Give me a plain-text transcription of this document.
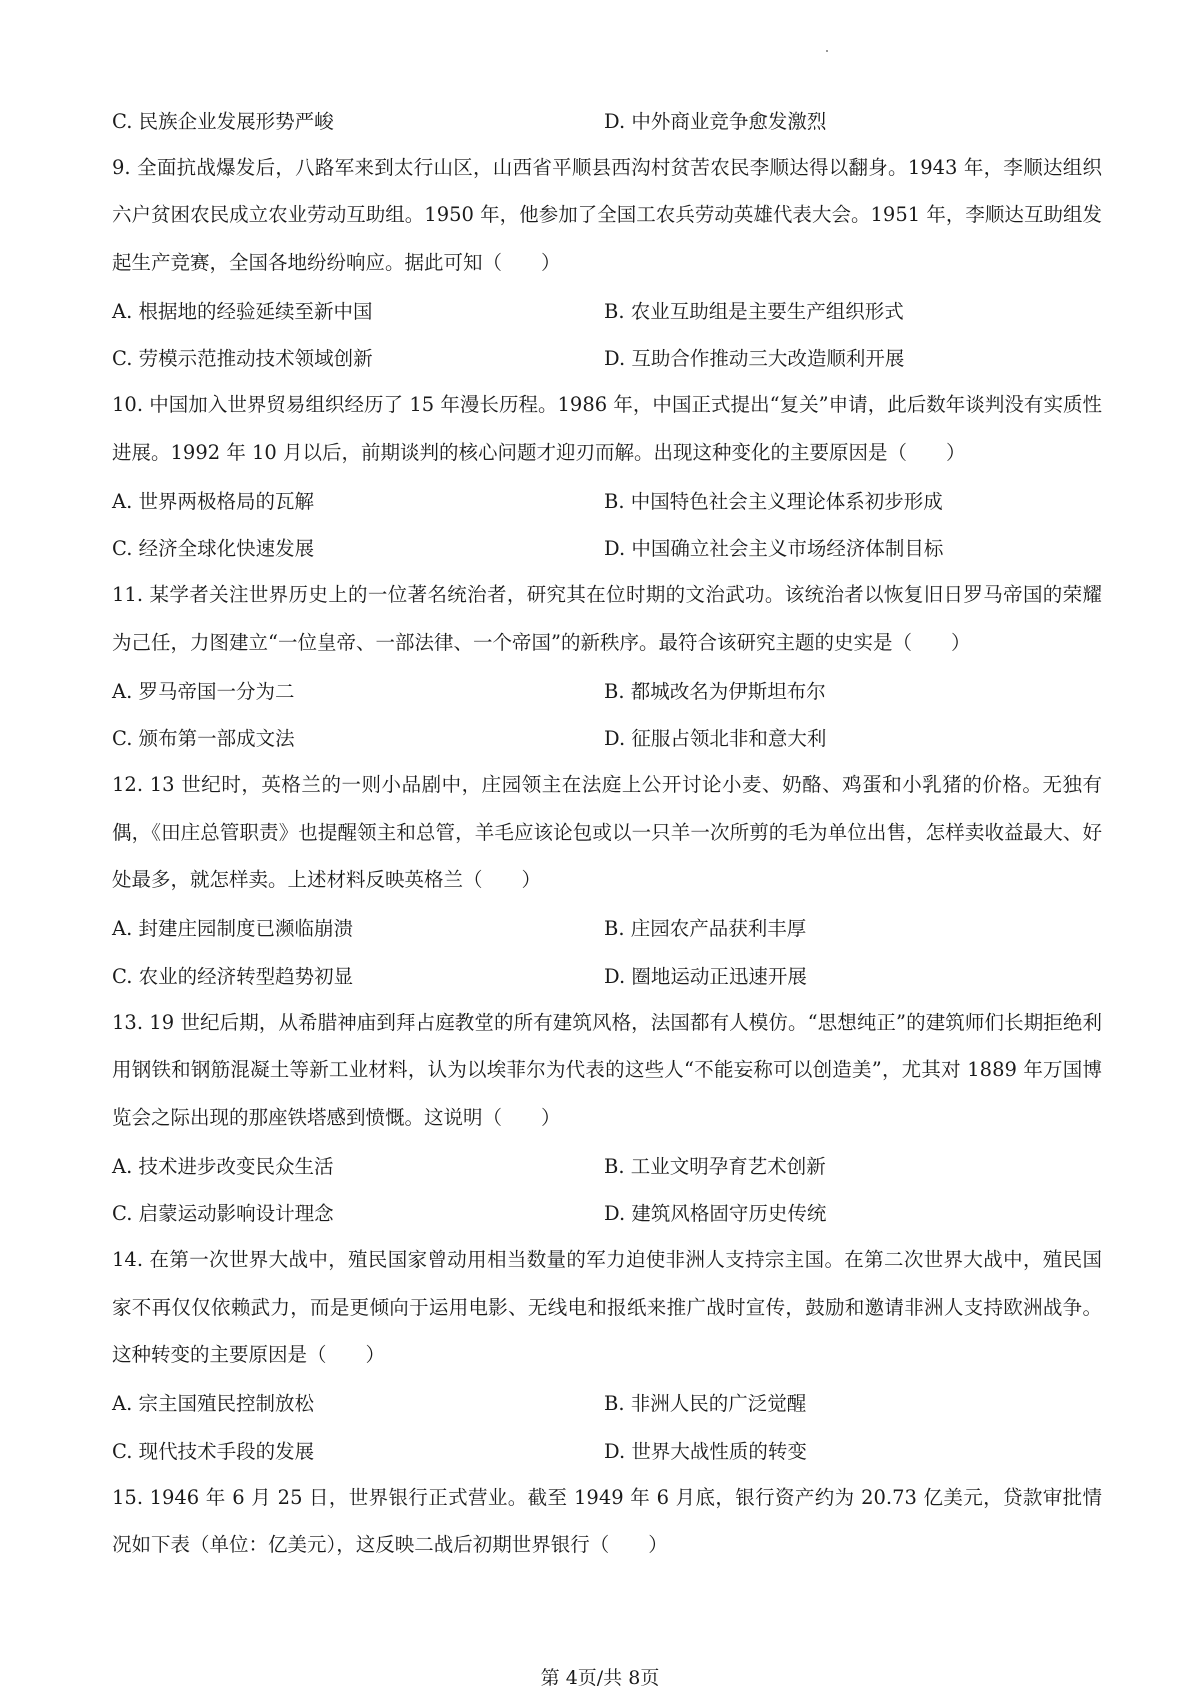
C. 民族企业发展形势严峻	D. 中外商业竞争愈发激烈

9. 全面抗战爆发后，八路军来到太行山区，山西省平顺县西沟村贫苦农民李顺达得以翻身。1943 年，李顺达组织六户贫困农民成立农业劳动互助组。1950 年，他参加了全国工农兵劳动英雄代表大会。1951 年，李顺达互助组发起生产竞赛，全国各地纷纷响应。据此可知（　　）

A. 根据地的经验延续至新中国	B. 农业互助组是主要生产组织形式
C. 劳模示范推动技术领域创新	D. 互助合作推动三大改造顺利开展

10. 中国加入世界贸易组织经历了 15 年漫长历程。1986 年，中国正式提出“复关”申请，此后数年谈判没有实质性进展。1992 年 10 月以后，前期谈判的核心问题才迎刃而解。出现这种变化的主要原因是（　　）

A. 世界两极格局的瓦解	B. 中国特色社会主义理论体系初步形成
C. 经济全球化快速发展	D. 中国确立社会主义市场经济体制目标

11. 某学者关注世界历史上的一位著名统治者，研究其在位时期的文治武功。该统治者以恢复旧日罗马帝国的荣耀为己任，力图建立“一位皇帝、一部法律、一个帝国”的新秩序。最符合该研究主题的史实是（　　）

A. 罗马帝国一分为二	B. 都城改名为伊斯坦布尔
C. 颁布第一部成文法	D. 征服占领北非和意大利

12. 13 世纪时，英格兰的一则小品剧中，庄园领主在法庭上公开讨论小麦、奶酪、鸡蛋和小乳猪的价格。无独有偶，《田庄总管职责》也提醒领主和总管，羊毛应该论包或以一只羊一次所剪的毛为单位出售，怎样卖收益最大、好处最多，就怎样卖。上述材料反映英格兰（　　）

A. 封建庄园制度已濒临崩溃	B. 庄园农产品获利丰厚
C. 农业的经济转型趋势初显	D. 圈地运动正迅速开展

13. 19 世纪后期，从希腊神庙到拜占庭教堂的所有建筑风格，法国都有人模仿。“思想纯正”的建筑师们长期拒绝利用钢铁和钢筋混凝土等新工业材料，认为以埃菲尔为代表的这些人“不能妄称可以创造美”，尤其对 1889 年万国博览会之际出现的那座铁塔感到愤慨。这说明（　　）

A. 技术进步改变民众生活	B. 工业文明孕育艺术创新
C. 启蒙运动影响设计理念	D. 建筑风格固守历史传统

14. 在第一次世界大战中，殖民国家曾动用相当数量的军力迫使非洲人支持宗主国。在第二次世界大战中，殖民国家不再仅仅依赖武力，而是更倾向于运用电影、无线电和报纸来推广战时宣传，鼓励和邀请非洲人支持欧洲战争。这种转变的主要原因是（　　）

A. 宗主国殖民控制放松	B. 非洲人民的广泛觉醒
C. 现代技术手段的发展	D. 世界大战性质的转变

15. 1946 年 6 月 25 日，世界银行正式营业。截至 1949 年 6 月底，银行资产约为 20.73 亿美元，贷款审批情况如下表（单位：亿美元），这反映二战后初期世界银行（　　）

第 4页/共 8页
